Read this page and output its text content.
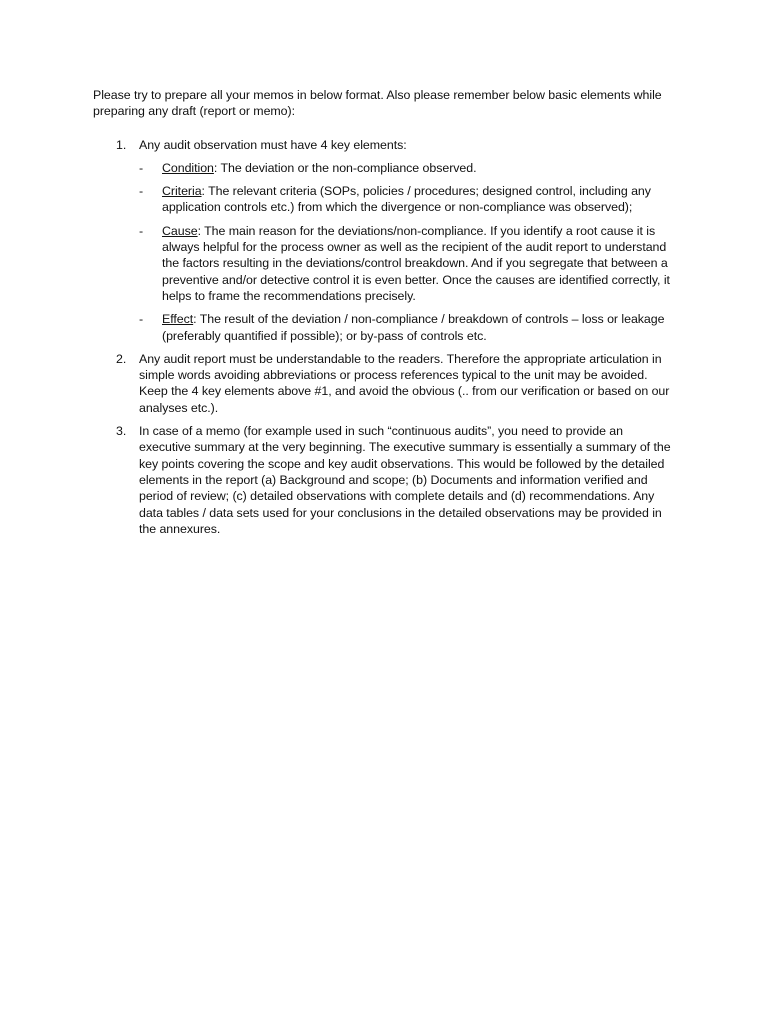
Please try to prepare all your memos in below format. Also please remember below basic elements while preparing any draft (report or memo):

1. Any audit observation must have 4 key elements:
- Condition: The deviation or the non-compliance observed.
- Criteria: The relevant criteria (SOPs, policies / procedures; designed control, including any application controls etc.) from which the divergence or non-compliance was observed);
- Cause: The main reason for the deviations/non-compliance. If you identify a root cause it is always helpful for the process owner as well as the recipient of the audit report to understand the factors resulting in the deviations/control breakdown. And if you segregate that between a preventive and/or detective control it is even better. Once the causes are identified correctly, it helps to frame the recommendations precisely.
- Effect: The result of the deviation / non-compliance / breakdown of controls – loss or leakage (preferably quantified if possible); or by-pass of controls etc.
2. Any audit report must be understandable to the readers. Therefore the appropriate articulation in simple words avoiding abbreviations or process references typical to the unit may be avoided. Keep the 4 key elements above #1, and avoid the obvious (.. from our verification or based on our analyses etc.).
3. In case of a memo (for example used in such “continuous audits”, you need to provide an executive summary at the very beginning. The executive summary is essentially a summary of the key points covering the scope and key audit observations. This would be followed by the detailed elements in the report (a) Background and scope; (b) Documents and information verified and period of review; (c) detailed observations with complete details and (d) recommendations. Any data tables / data sets used for your conclusions in the detailed observations may be provided in the annexures.
